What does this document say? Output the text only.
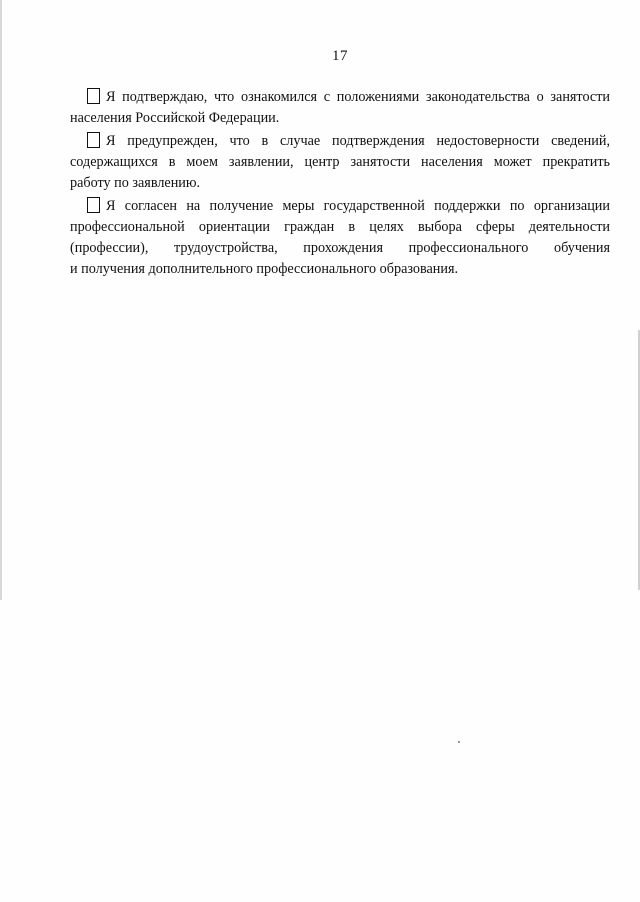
17

Я подтверждаю, что ознакомился с положениями законодательства о занятости
населения Российской Федерации.

Я предупрежден, что в случае подтверждения недостоверности сведений,
содержащихся в моем заявлении, центр занятости населения может прекратить
работу по заявлению.

Я согласен на получение меры государственной поддержки по организации
профессиональной ориентации граждан в целях выбора сферы деятельности
(профессии), трудоустройства, прохождения профессионального обучения
и получения дополнительного профессионального образования.
